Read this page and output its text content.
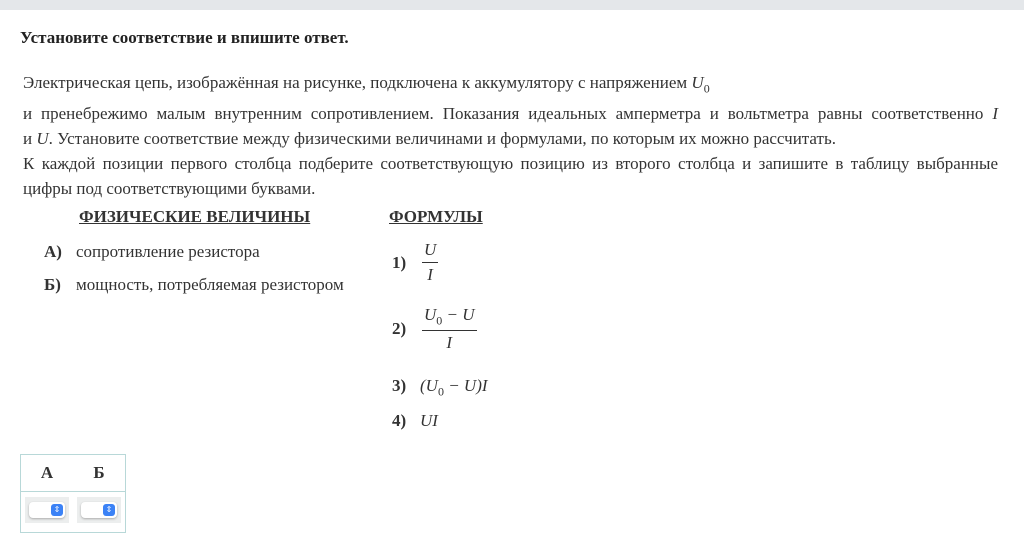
Установите соответствие и впишите ответ.
Электрическая цепь, изображённая на рисунке, подключена к аккумулятору с напряжением $U_0$
и пренебрежимо малым внутренним сопротивлением. Показания идеальных амперметра и вольтметра равны соответственно I
и U. Установите соответствие между физическими величинами и формулами, по которым их можно рассчитать.
К каждой позиции первого столбца подберите соответствующую позицию из второго столбца и запишите в таблицу выбранные цифры под соответствующими буквами.
ФИЗИЧЕСКИЕ ВЕЛИЧИНЫ	ФОРМУЛЫ
А) сопротивление резистора
Б) мощность, потребляемая резистором
$1) \frac{U}{I}$
$2) \frac{U_0 - U}{I}$
3) $(U_0 - U)I$
4) UI
А	Б

⇕	⇕
